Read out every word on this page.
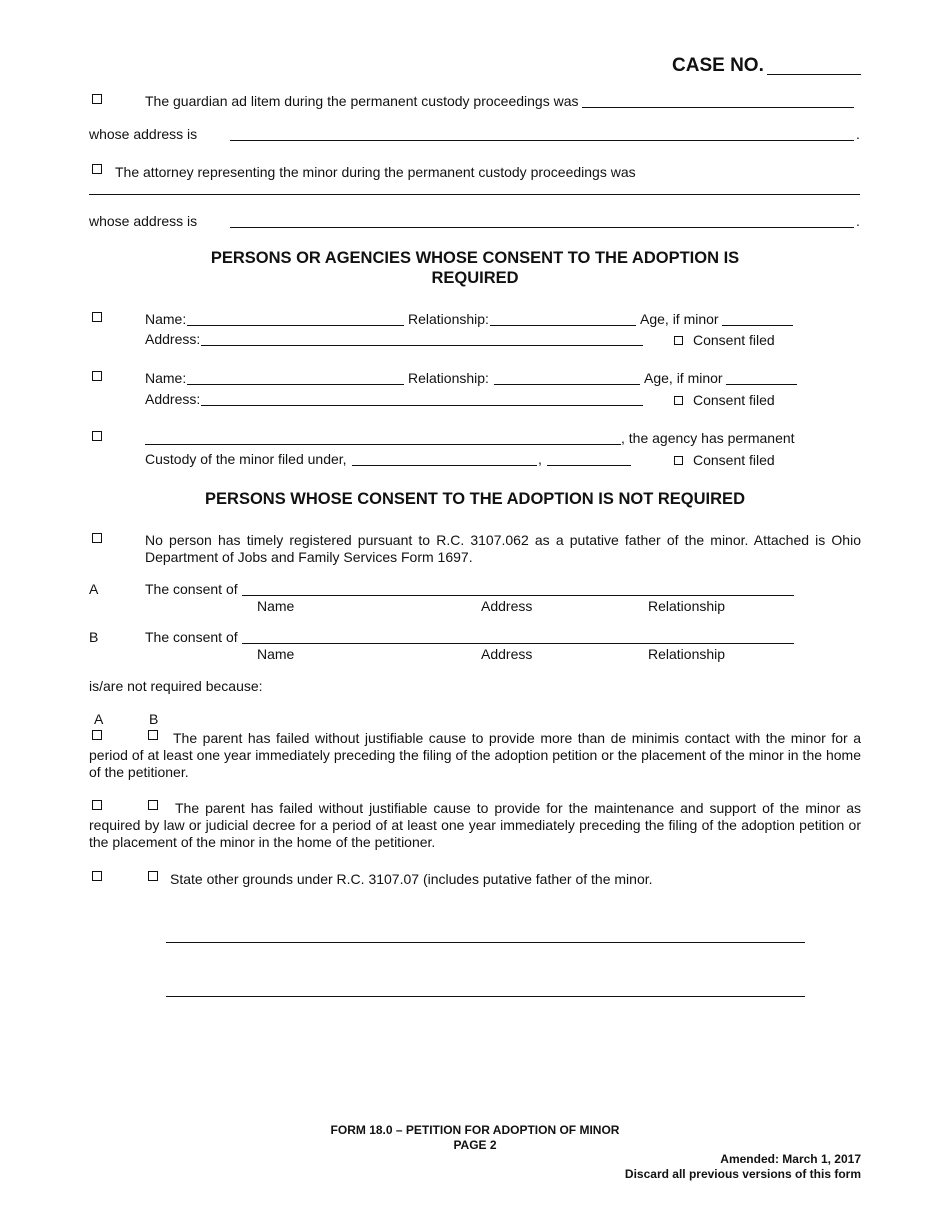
CASE NO.
The guardian ad litem during the permanent custody proceedings was
whose address is	.
The attorney representing the minor during the permanent custody proceedings was
whose address is	.
PERSONS OR AGENCIES WHOSE CONSENT TO THE ADOPTION IS
REQUIRED
Name:	Relationship:	Age, if minor
Address:	Consent filed
Name:	Relationship:	Age, if minor
Address:	Consent filed
, the agency has permanent
Custody of the minor filed under,	,	Consent filed
PERSONS WHOSE CONSENT TO THE ADOPTION IS NOT REQUIRED
No person has timely registered pursuant to R.C. 3107.062 as a putative father of the minor. Attached is Ohio Department of Jobs and Family Services Form 1697.
A	The consent of
Name	Address	Relationship
B	The consent of
Name	Address	Relationship
is/are not required because:
A	B
The parent has failed without justifiable cause to provide more than de minimis contact with the minor for a
period of at least one year immediately preceding the filing of the adoption petition or the placement of the minor in the home of the petitioner.
The parent has failed without justifiable cause to provide for the maintenance and support of the minor as
required by law or judicial decree for a period of at least one year immediately preceding the filing of the adoption petition or the placement of the minor in the home of the petitioner.
State other grounds under R.C. 3107.07 (includes putative father of the minor.
FORM 18.0 – PETITION FOR ADOPTION OF MINOR
PAGE 2
Amended: March 1, 2017
Discard all previous versions of this form
